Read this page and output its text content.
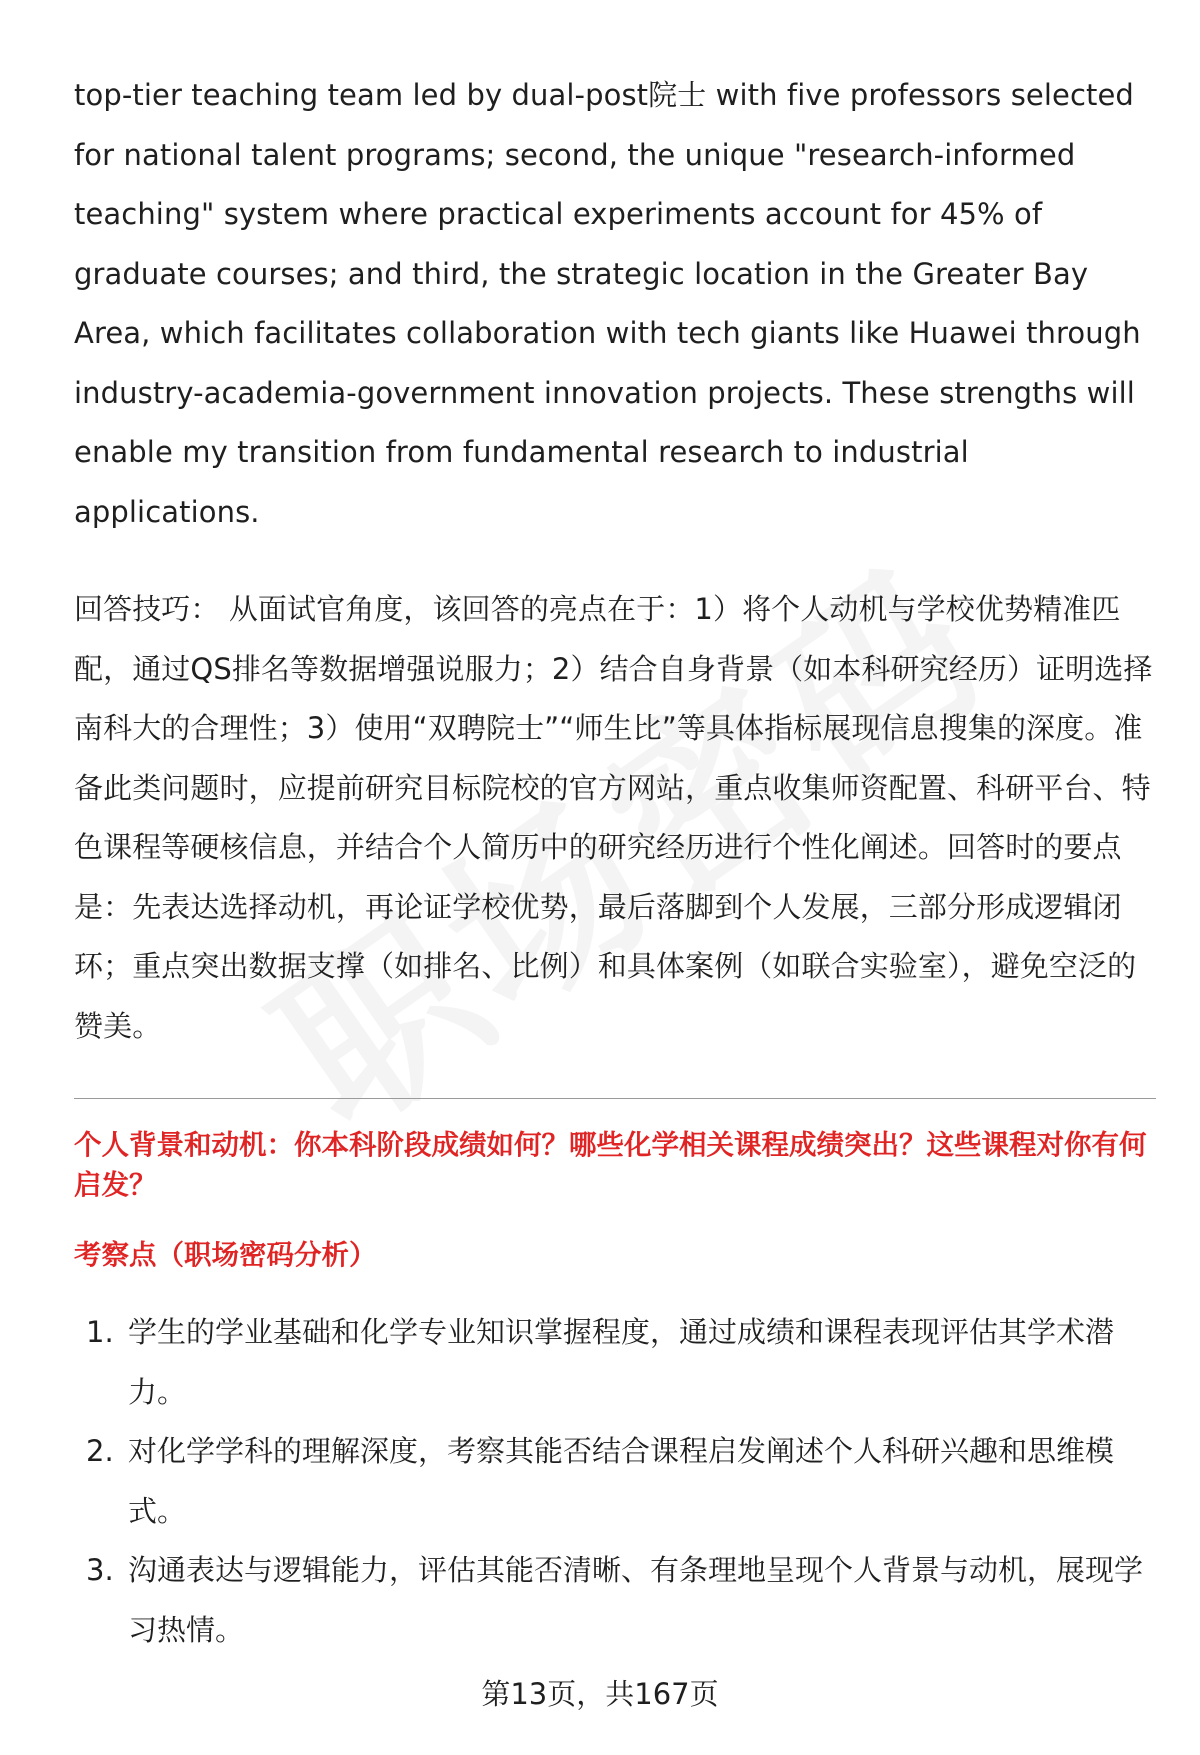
top-tier teaching team led by dual-post院士 with five professors selected for national talent programs; second, the unique "research-informed teaching" system where practical experiments account for 45% of graduate courses; and third, the strategic location in the Greater Bay Area, which facilitates collaboration with tech giants like Huawei through industry-academia-government innovation projects. These strengths will enable my transition from fundamental research to industrial applications.

回答技巧： 从面试官角度，该回答的亮点在于：1）将个人动机与学校优势精准匹配，通过QS排名等数据增强说服力；2）结合自身背景（如本科研究经历）证明选择南科大的合理性；3）使用“双聘院士”“师生比”等具体指标展现信息搜集的深度。准备此类问题时，应提前研究目标院校的官方网站，重点收集师资配置、科研平台、特色课程等硬核信息，并结合个人简历中的研究经历进行个性化阐述。回答时的要点是：先表达选择动机，再论证学校优势，最后落脚到个人发展，三部分形成逻辑闭环；重点突出数据支撑（如排名、比例）和具体案例（如联合实验室），避免空泛的赞美。

个人背景和动机：你本科阶段成绩如何？哪些化学相关课程成绩突出？这些课程对你有何启发？

考察点（职场密码分析）

1. 学生的学业基础和化学专业知识掌握程度，通过成绩和课程表现评估其学术潜力。
2. 对化学学科的理解深度，考察其能否结合课程启发阐述个人科研兴趣和思维模式。
3. 沟通表达与逻辑能力，评估其能否清晰、有条理地呈现个人背景与动机，展现学习热情。
第13页，共167页
